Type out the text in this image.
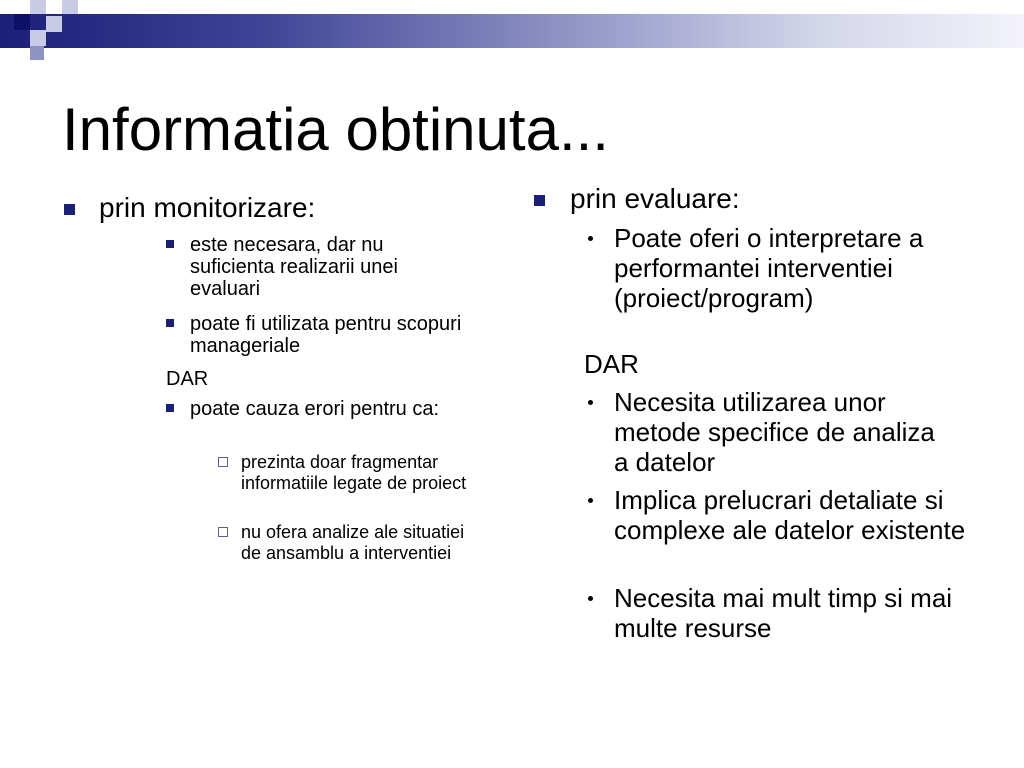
Informatia obtinuta...
prin monitorizare:
este necesara, dar nu suficienta realizarii unei evaluari
poate fi utilizata pentru scopuri manageriale
DAR
poate cauza erori pentru ca:
prezinta doar fragmentar informatiile legate de proiect
nu ofera analize ale situatiei de ansamblu a interventiei
prin evaluare:
Poate oferi o interpretare a performantei interventiei (proiect/program)
DAR
Necesita utilizarea unor metode specifice de analiza a datelor
Implica prelucrari detaliate si complexe ale datelor existente
Necesita mai mult timp si mai multe resurse
